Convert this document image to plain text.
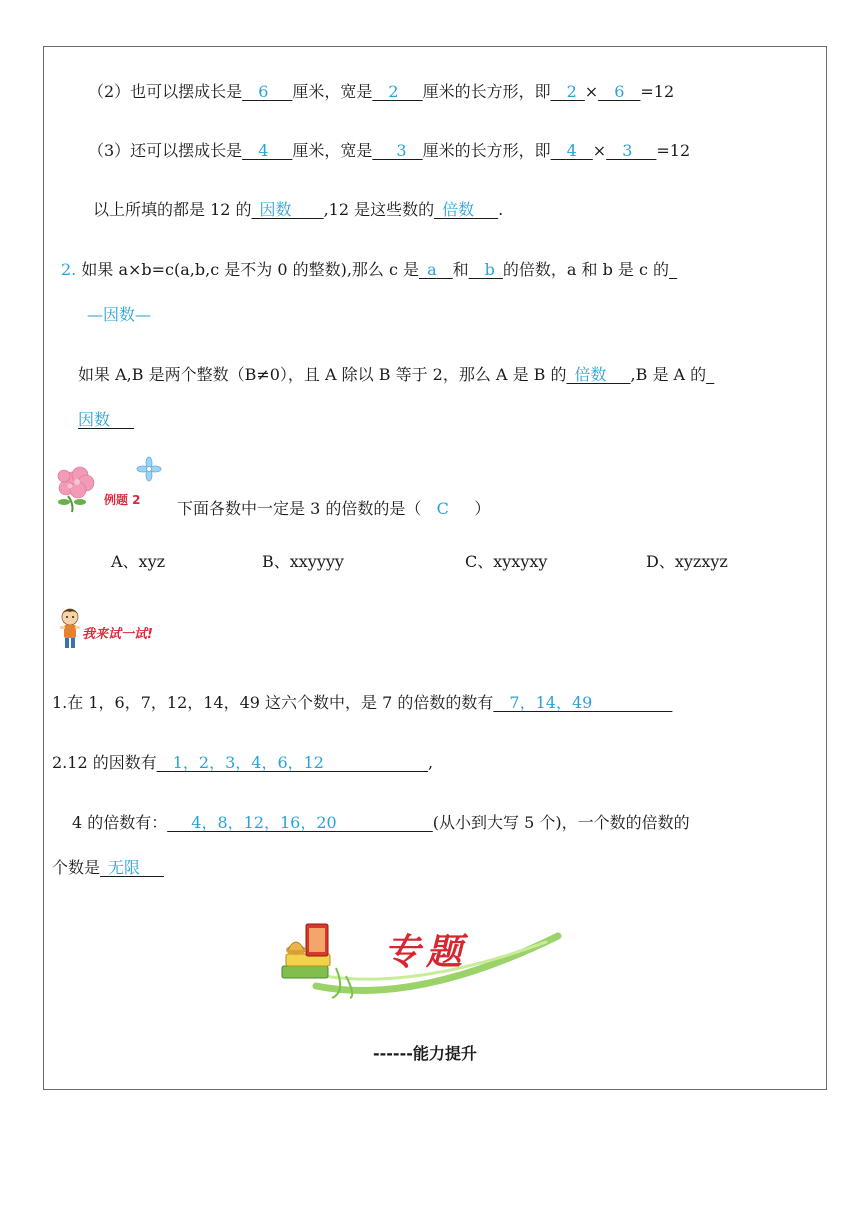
（2）也可以摆成长是__6___厘米，宽是__2___厘米的长方形，即__2_×__6__=12
（3）还可以摆成长是__4___厘米，宽是___3__厘米的长方形，即__4__×__3___=12
以上所填的都是 12 的_因数____,12 是这些数的_倍数___.
2. 如果 a×b=c(a,b,c 是不为 0 的整数),那么 c 是_a__和__b_的倍数，a 和 b 是 c 的_
—因数—
如果 A,B 是两个整数（B≠0），且 A 除以 B 等于 2，那么 A 是 B 的_倍数___,B 是 A 的_
因数___
例题 2 下面各数中一定是 3 的倍数的是（ C ）
A、xyz	B、xxyyyy	C、xyxyxy	D、xyzxyz
我来试一试!
1.在 1，6，7，12，14，49 这六个数中，是 7 的倍数的数有__7，14，49__________
2.12 的因数有__1，2，3，4，6，12_____________,
4 的倍数有：___4，8，12，16，20____________(从小到大写 5 个)，一个数的倍数的
个数是_无限___
专题
------能力提升
